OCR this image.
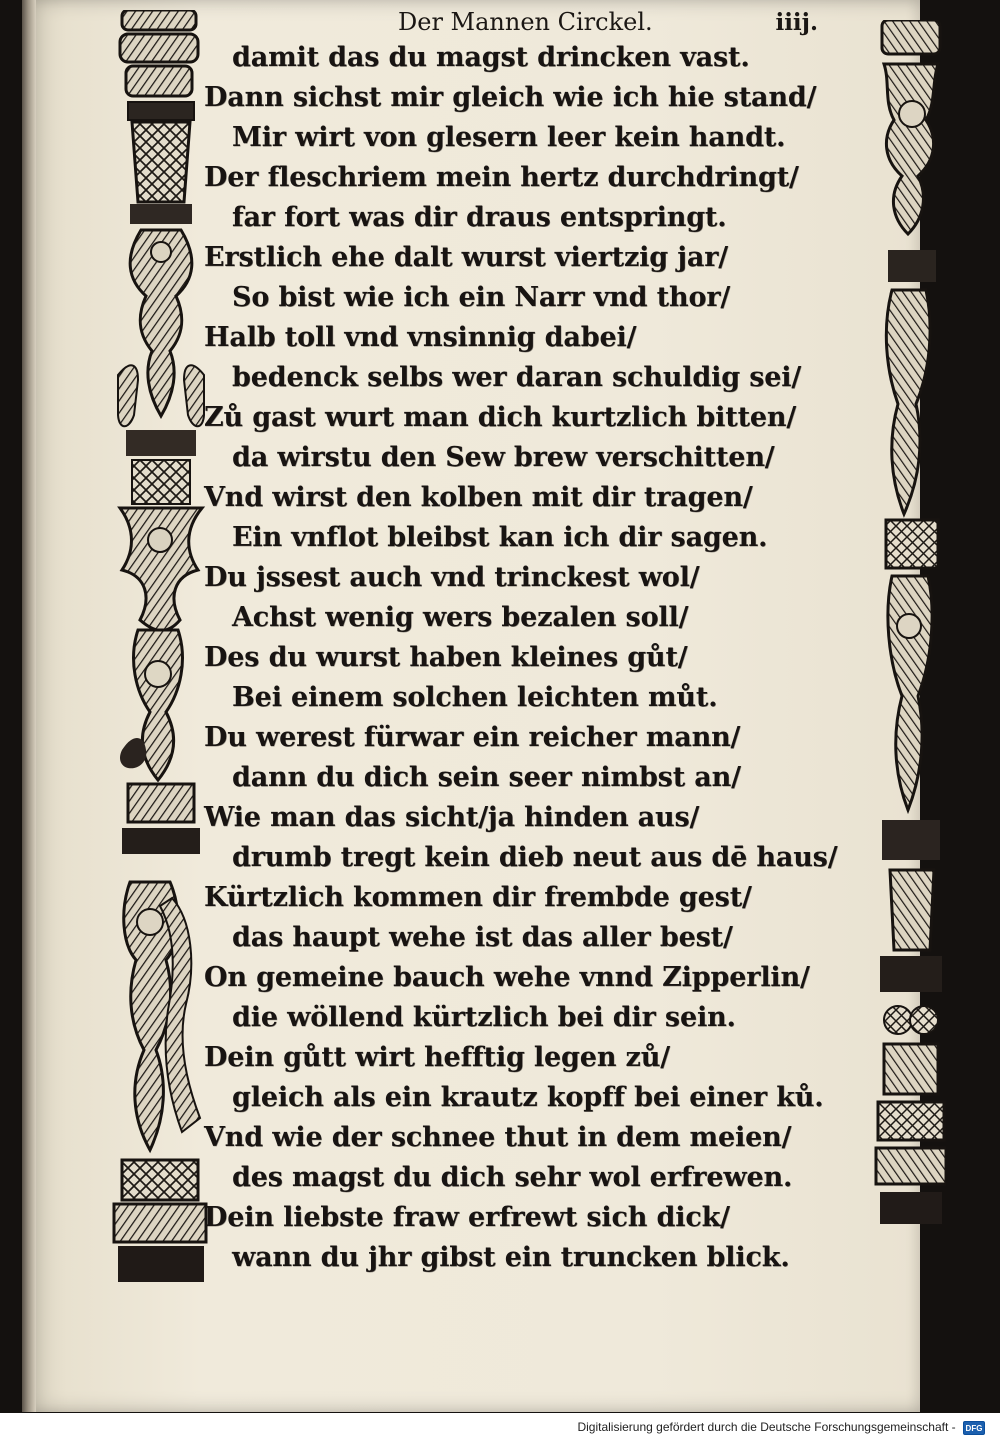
Der Mannen Circkel.	iiij.
damit das du magst drincken vast.
Dann sichst mir gleich wie ich hie stand/
Mir wirt von glesern leer kein handt.
Der fleschriem mein hertz durchdringt/
far fort was dir draus entspringt.
Erstlich ehe dalt wurst viertzig jar/
So bist wie ich ein Narr vnd thor/
Halb toll vnd vnsinnig dabei/
bedenck selbs wer daran schuldig sei/
Zů gast wurt man dich kurtzlich bitten/
da wirstu den Sew brew verschitten/
Vnd wirst den kolben mit dir tragen/
Ein vnflot bleibst kan ich dir sagen.
Du jssest auch vnd trinckest wol/
Achst wenig wers bezalen soll/
Des du wurst haben kleines gůt/
Bei einem solchen leichten můt.
Du werest fürwar ein reicher mann/
dann du dich sein seer nimbst an/
Wie man das sicht/ja hinden aus/
drumb tregt kein dieb neut aus dē haus/
Kürtzlich kommen dir frembde gest/
das haupt wehe ist das aller best/
On gemeine bauch wehe vnnd Zipperlin/
die wöllend kürtzlich bei dir sein.
Dein gůtt wirt hefftig legen zů/
gleich als ein krautz kopff bei einer ků.
Vnd wie der schnee thut in dem meien/
des magst du dich sehr wol erfrewen.
Dein liebste fraw erfrewt sich dick/
wann du jhr gibst ein truncken blick.
Digitalisierung gefördert durch die Deutsche Forschungsgemeinschaft - DFG
